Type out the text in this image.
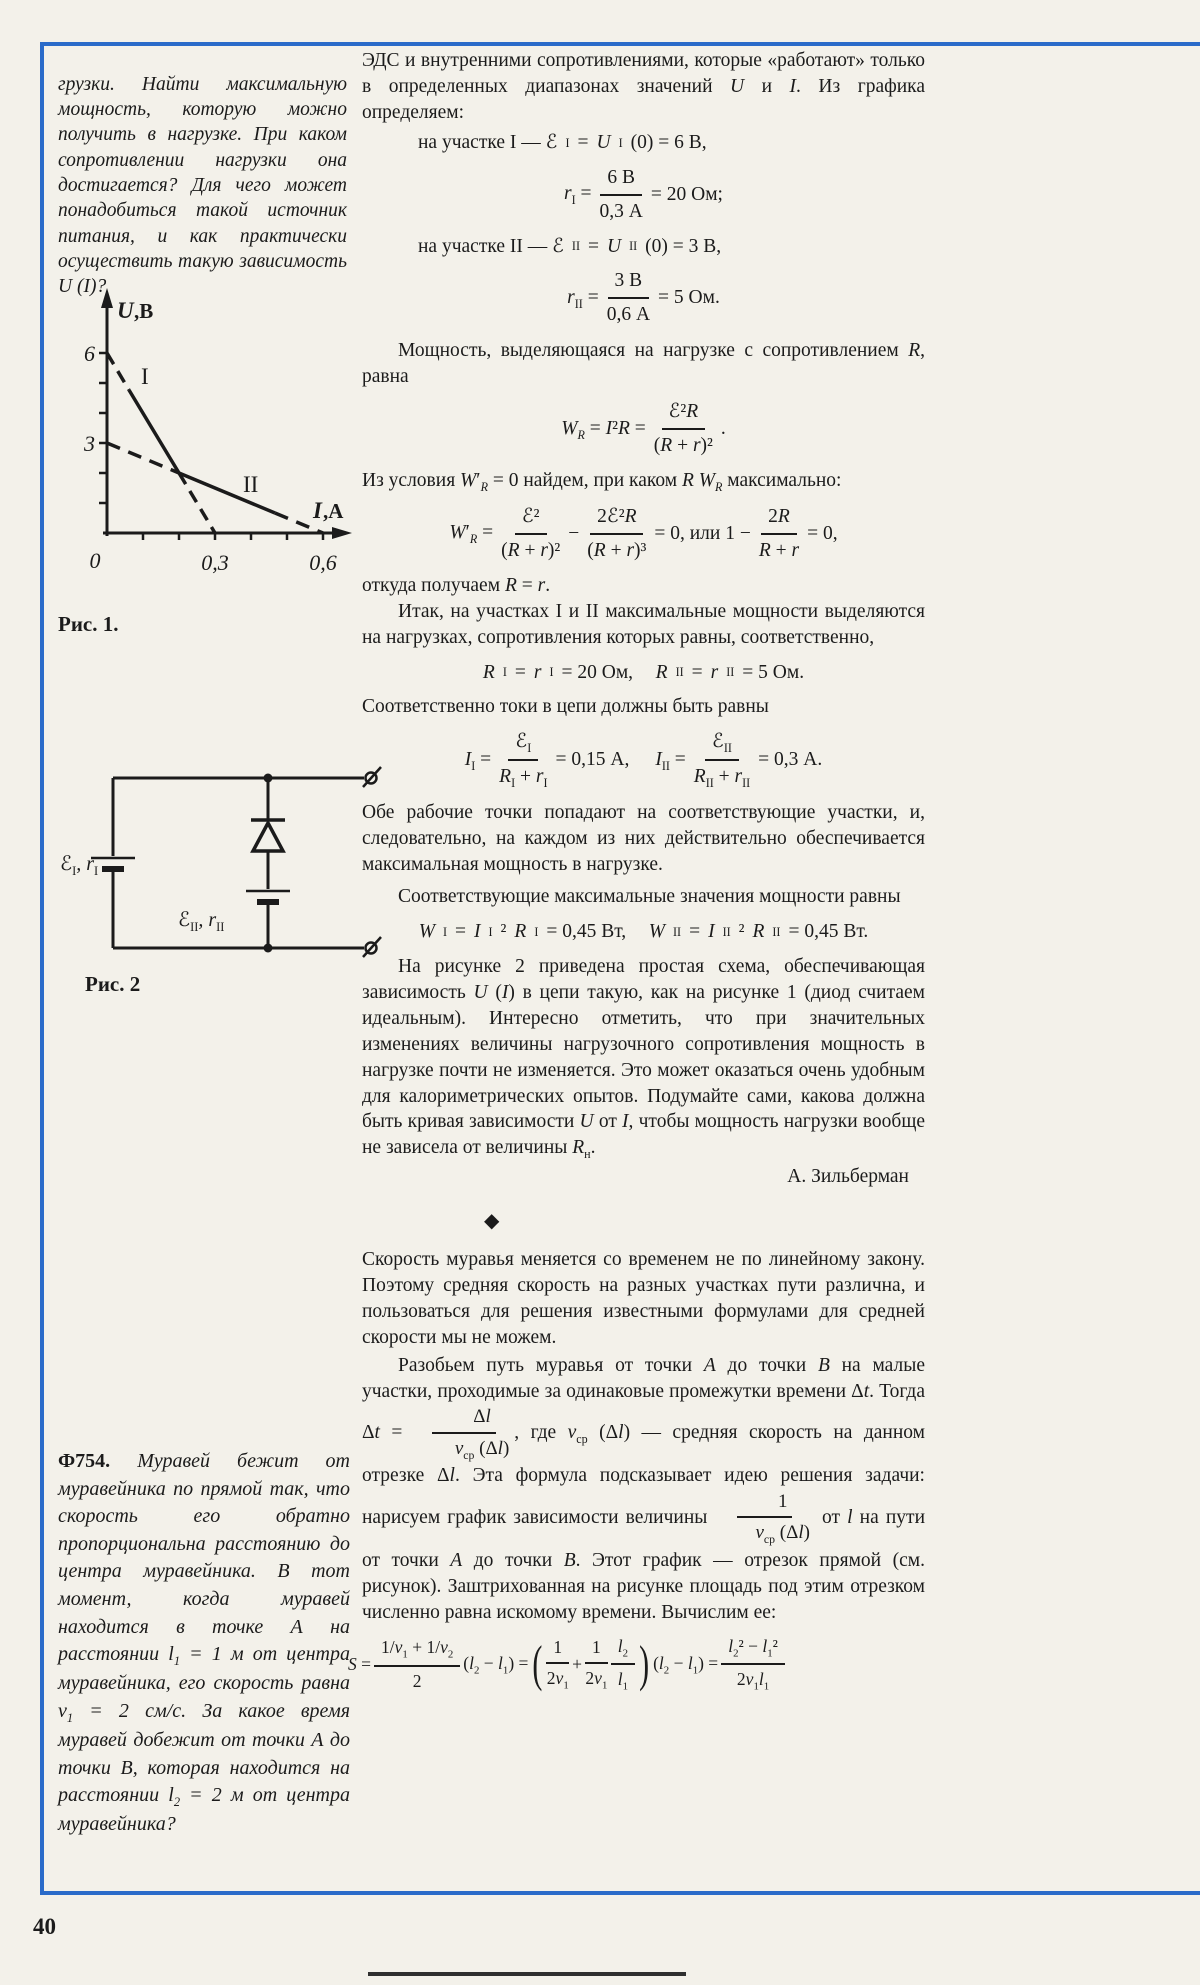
грузки. Найти максимальную мощность, которую можно получить в нагрузке. При каком сопротивлении нагрузки она достигается? Для чего может понадобиться такой источник питания, и как практически осуществить такую зависимость U (I)?

6
3
0	0,3	0,6
U ,В
I ,А
I
II
Рис. 1.
ℰ$_I$, $r_I$
ℰ$_{II}$, $r_{II}$
Рис. 2

Ф754. Муравей бежит от муравейника по прямой так, что скорость его обратно пропорциональна расстоянию до центра муравейника. В тот момент, когда муравей находится в точке А на расстоянии $l_1 = 1$ м от центра муравейника, его скорость равна $v_1 = 2$ см/с. За какое время муравей добежит от точки А до точки В, которая находится на расстоянии $l_2 = 2$ м от центра муравейника?

ЭДС и внутренними сопротивлениями, которые «работают» только в определенных диапазонах значений U и I. Из графика определяем:

на участке I — ℰ I = U I (0) = 6 В,
$r_I = \frac{6 В}{0,3 А} = 20$ Ом;
на участке II — ℰ II = U II (0) = 3 В,
$r_{II} = \frac{3 В}{0,6 А} = 5$ Ом.

Мощность, выделяющаяся на нагрузке с сопротивлением R, равна

$W_R = I^2R = \frac{\text{ℰ²R}}{\text{(R + r)²}}$ .

Из условия $W'_R = 0$ найдем, при каком R $W_R$ максимально:

$W'_R = \frac{\text{ℰ²}}{\text{(R + r)²}} - \frac{\text{2ℰ²R}}{\text{(R + r)³}} = 0$, или $1 - \frac{2R}{R + r} = 0$,

откуда получаем R = r.

Итак, на участках I и II максимальные мощности выделяются на нагрузках, сопротивления которых равны, соответственно,

R I = r I = 20 Ом, R II = r II = 5 Ом.

Соответственно токи в цепи должны быть равны

$I_I = \frac{ℰ_I}{R_I + r_I} = 0,15$ А, $I_{II} = \frac{ℰ_{II}}{R_{II} + r_{II}} = 0,3$ А.

Обе рабочие точки попадают на соответствующие участки, и, следовательно, на каждом из них действительно обеспечивается максимальная мощность в нагрузке.

Соответствующие максимальные значения мощности равны

W I = I I ² R I = 0,45 Вт, W II = I II ² R II = 0,45 Вт.

На рисунке 2 приведена простая схема, обеспечивающая зависимость U (I) в цепи такую, как на рисунке 1 (диод считаем идеальным). Интересно отметить, что при значительных изменениях величины нагрузочного сопротивления мощность в нагрузке почти не изменяется. Это может оказаться очень удобным для калориметрических опытов. Подумайте сами, какова должна быть кривая зависимости U от I, чтобы мощность нагрузки вообще не зависела от величины $R_н$.

А. Зильберман

◆

Скорость муравья меняется со временем не по линейному закону. Поэтому средняя скорость на разных участках пути различна, и пользоваться для решения известными формулами для средней скорости мы не можем.

Разобьем путь муравья от точки А до точки В на малые участки, проходимые за одинаковые промежутки времени Δt. Тогда $\Delta t = \frac{\Delta l}{v_{ср} (\Delta l)}$ , где $v_{ср}$ (Δl) — средняя скорость на данном отрезке Δl. Эта формула подсказывает идею решения задачи: нарисуем график зависимости величины $\frac{1}{v_{ср} (\Delta l)}$ от l на пути от точки А до точки В. Этот график — отрезок прямой (см. рисунок). Заштрихованная на рисунке площадь под этим отрезком численно равна искомому времени. Вычислим ее:

$S = \frac{1/v_1 + 1/v_2}{2} (l_2 - l_1)$ = ( $\frac{1}{2v_1} + \frac{1}{2v_1} \frac{l_2}{l_1}$ ) $(l_2 - l_1) = \frac{l_2^2 - l_1^2}{2v_1l_1}$
40
